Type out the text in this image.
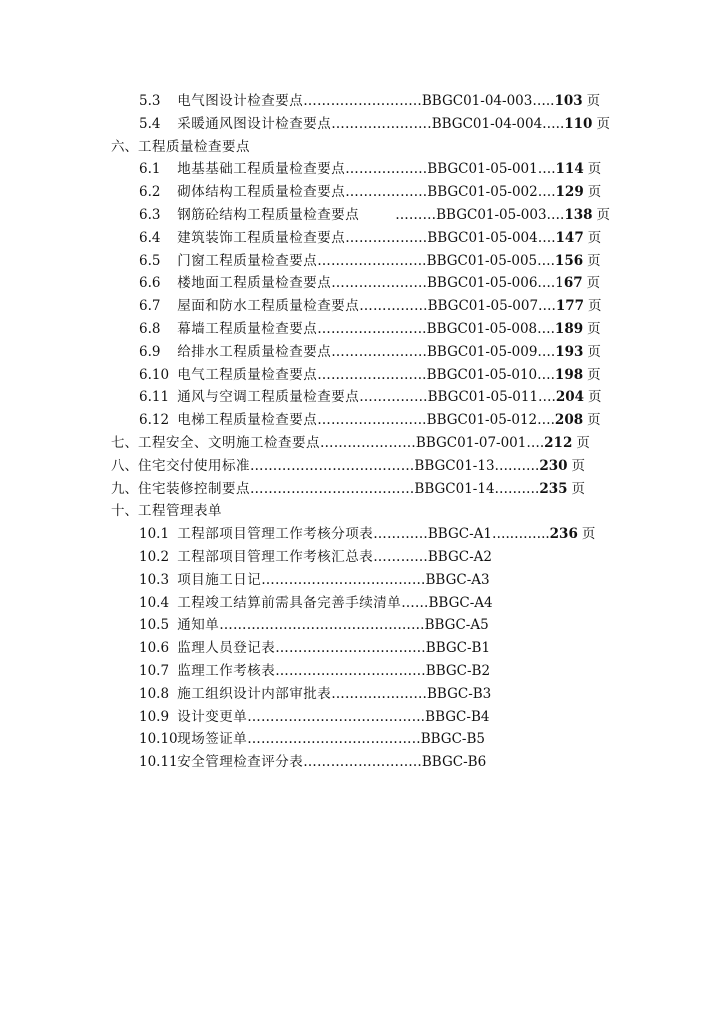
5.3 电气图设计检查要点……………………..BBGC01-04-003…..103 页
5.4 采暖通风图设计检查要点………………….BBGC01-04-004…..110 页
六、工程质量检查要点
6.1 地基基础工程质量检查要点……………...BBGC01-05-001….114 页
6.2 砌体结构工程质量检查要点……………...BBGC01-05-002….129 页
6.3 钢筋砼结构工程质量检查要点        ……...BBGC01-05-003….138 页
6.4 建筑装饰工程质量检查要点……………...BBGC01-05-004….147 页
6.5 门窗工程质量检查要点…………………...BBGC01-05-005….156 页
6.6 楼地面工程质量检查要点………………...BBGC01-05-006….167 页
6.7 屋面和防水工程质量检查要点…………...BBGC01-05-007….177 页
6.8 幕墙工程质量检查要点…………………...BBGC01-05-008….189 页
6.9 给排水工程质量检查要点………………...BBGC01-05-009….193 页
6.10 电气工程质量检查要点…………………...BBGC01-05-010….198 页
6.11 通风与空调工程质量检查要点…………...BBGC01-05-011….204 页
6.12 电梯工程质量检查要点…………………...BBGC01-05-012….208 页
七、工程安全、文明施工检查要点…………………BBGC01-07-001….212 页
八、住宅交付使用标准………………………………BBGC01-13……….230 页
九、住宅装修控制要点………………………………BBGC01-14……….235 页
十、工程管理表单
10.1 工程部项目管理工作考核分项表………...BBGC-A1…..……..236 页
10.2 工程部项目管理工作考核汇总表………...BBGC-A2
10.3 项目施工日记……………………………...BBGC-A3
10.4 工程竣工结算前需具备完善手续清单…...BBGC-A4
10.5 通知单……………………………………...BBGC-A5
10.6 监理人员登记表…………………………...BBGC-B1
10.7 监理工作考核表…………………………...BBGC-B2
10.8 施工组织设计内部审批表………………...BBGC-B3
10.9 设计变更单………………………………...BBGC-B4
10.10 现场签证单………………………………..BBGC-B5
10.11 安全管理检查评分表……………………..BBGC-B6
